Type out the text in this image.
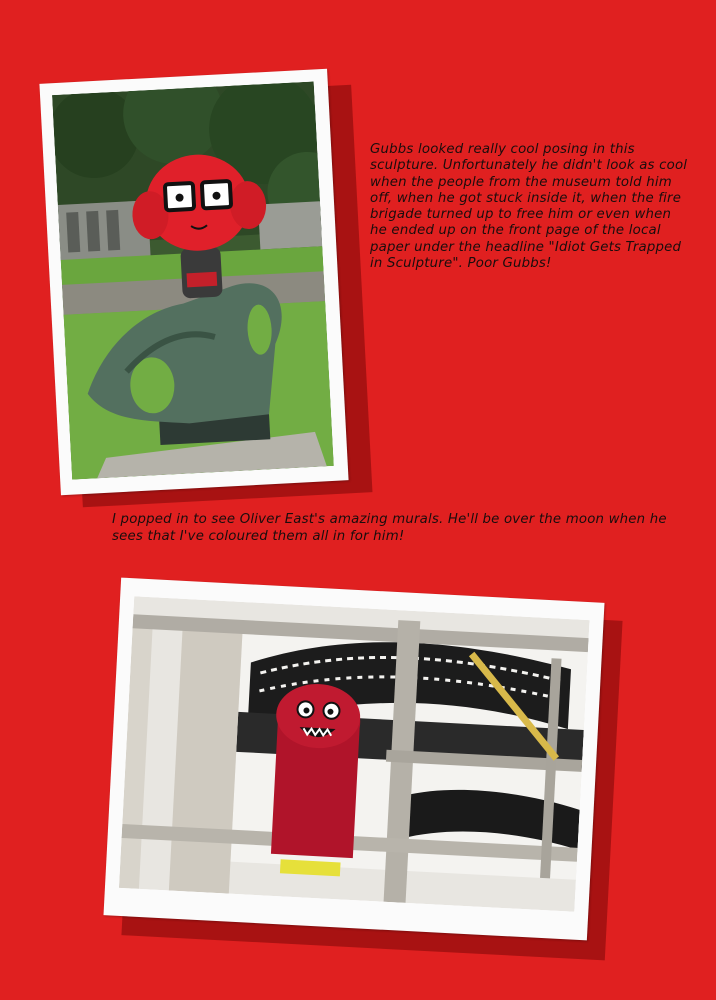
Gubbs looked really cool posing in this sculpture. Unfortunately he didn't look as cool when the people from the museum told him off, when he got stuck inside it, when the fire brigade turned up to free him or even when he ended up on the front page of the local paper under the headline "Idiot Gets Trapped in Sculpture". Poor Gubbs!
I popped in to see Oliver East's amazing murals. He'll be over the moon when he sees that I've coloured them all in for him!
